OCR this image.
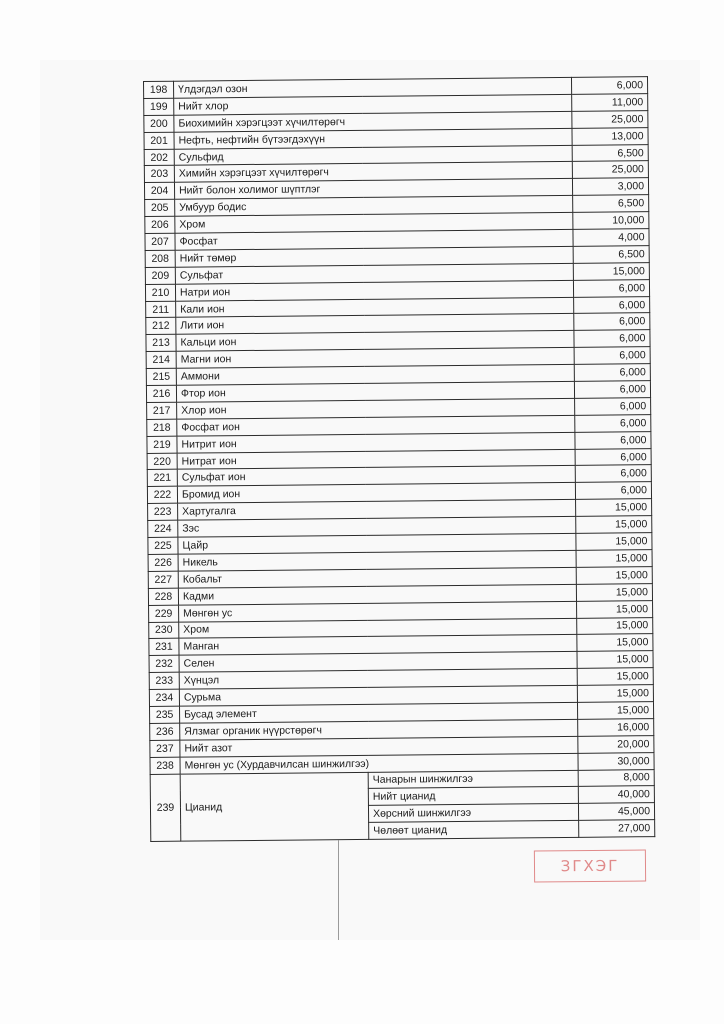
198	Үлдэгдэл озон		6,000
199	Нийт хлор		11,000
200	Биохимийн хэрэгцээт хүчилтөрөгч		25,000
201	Нефть, нефтийн бүтээгдэхүүн		13,000
202	Сульфид		6,500
203	Химийн хэрэгцээт хүчилтөрөгч		25,000
204	Нийт болон холимог шүптлэг		3,000
205	Умбуур бодис		6,500
206	Хром		10,000
207	Фосфат		4,000
208	Нийт төмөр		6,500
209	Сульфат		15,000
210	Натри ион		6,000
211	Кали ион		6,000
212	Лити ион		6,000
213	Кальци ион		6,000
214	Магни ион		6,000
215	Аммони		6,000
216	Фтор ион		6,000
217	Хлор ион		6,000
218	Фосфат ион		6,000
219	Нитрит ион		6,000
220	Нитрат ион		6,000
221	Сульфат ион		6,000
222	Бромид ион		6,000
223	Хартугалга		15,000
224	Зэс		15,000
225	Цайр		15,000
226	Никель		15,000
227	Кобальт		15,000
228	Кадми		15,000
229	Мөнгөн ус		15,000
230	Хром		15,000
231	Манган		15,000
232	Селен		15,000
233	Хүнцэл		15,000
234	Сурьма		15,000
235	Бусад элемент		15,000
236	Ялзмаг органик нүүрстөрөгч		16,000
237	Нийт азот		20,000
238	Мөнгөн ус (Хурдавчилсан шинжилгээ)		30,000
239	Цианид	Чанарын шинжилгээ	8,000
		Нийт цианид	40,000
		Хөрсний шинжилгээ	45,000
		Чөлөөт цианид	27,000
ЗГХЭГ
